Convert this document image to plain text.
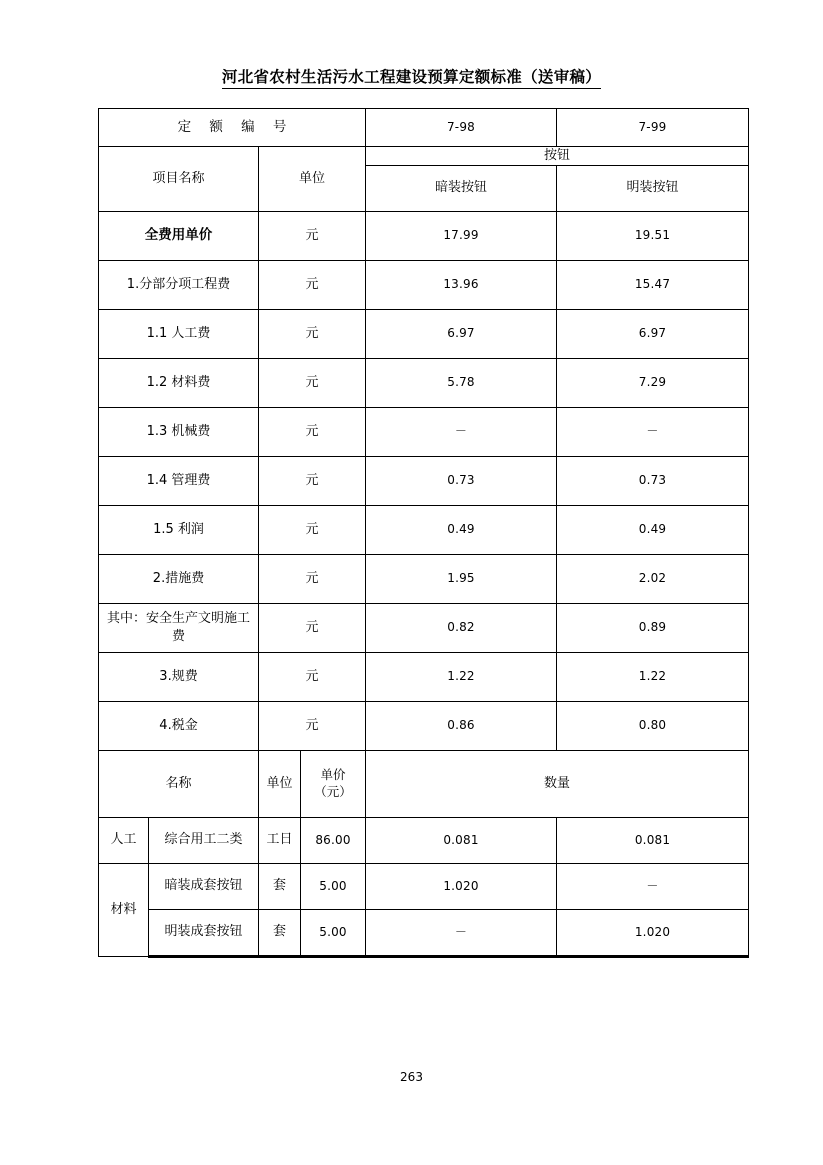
河北省农村生活污水工程建设预算定额标准（送审稿）
定 额 编 号		7-98	7-99
项目名称	单位	按钮	
		暗装按钮	明装按钮
全费用单价	元	17.99	19.51
1.分部分项工程费	元	13.96	15.47
1.1 人工费	元	6.97	6.97
1.2 材料费	元	5.78	7.29
1.3 机械费	元	－	－
1.4 管理费	元	0.73	0.73
1.5 利润	元	0.49	0.49
2.措施费	元	1.95	2.02
其中：安全生产文明施工费	元	0.82	0.89
3.规费	元	1.22	1.22
4.税金	元	0.86	0.80
名称		单位	单价（元）	数量	
人工	综合用工二类	工日	86.00	0.081	0.081
材料	暗装成套按钮	套	5.00	1.020	－
	明装成套按钮	套	5.00	－	1.020
263
